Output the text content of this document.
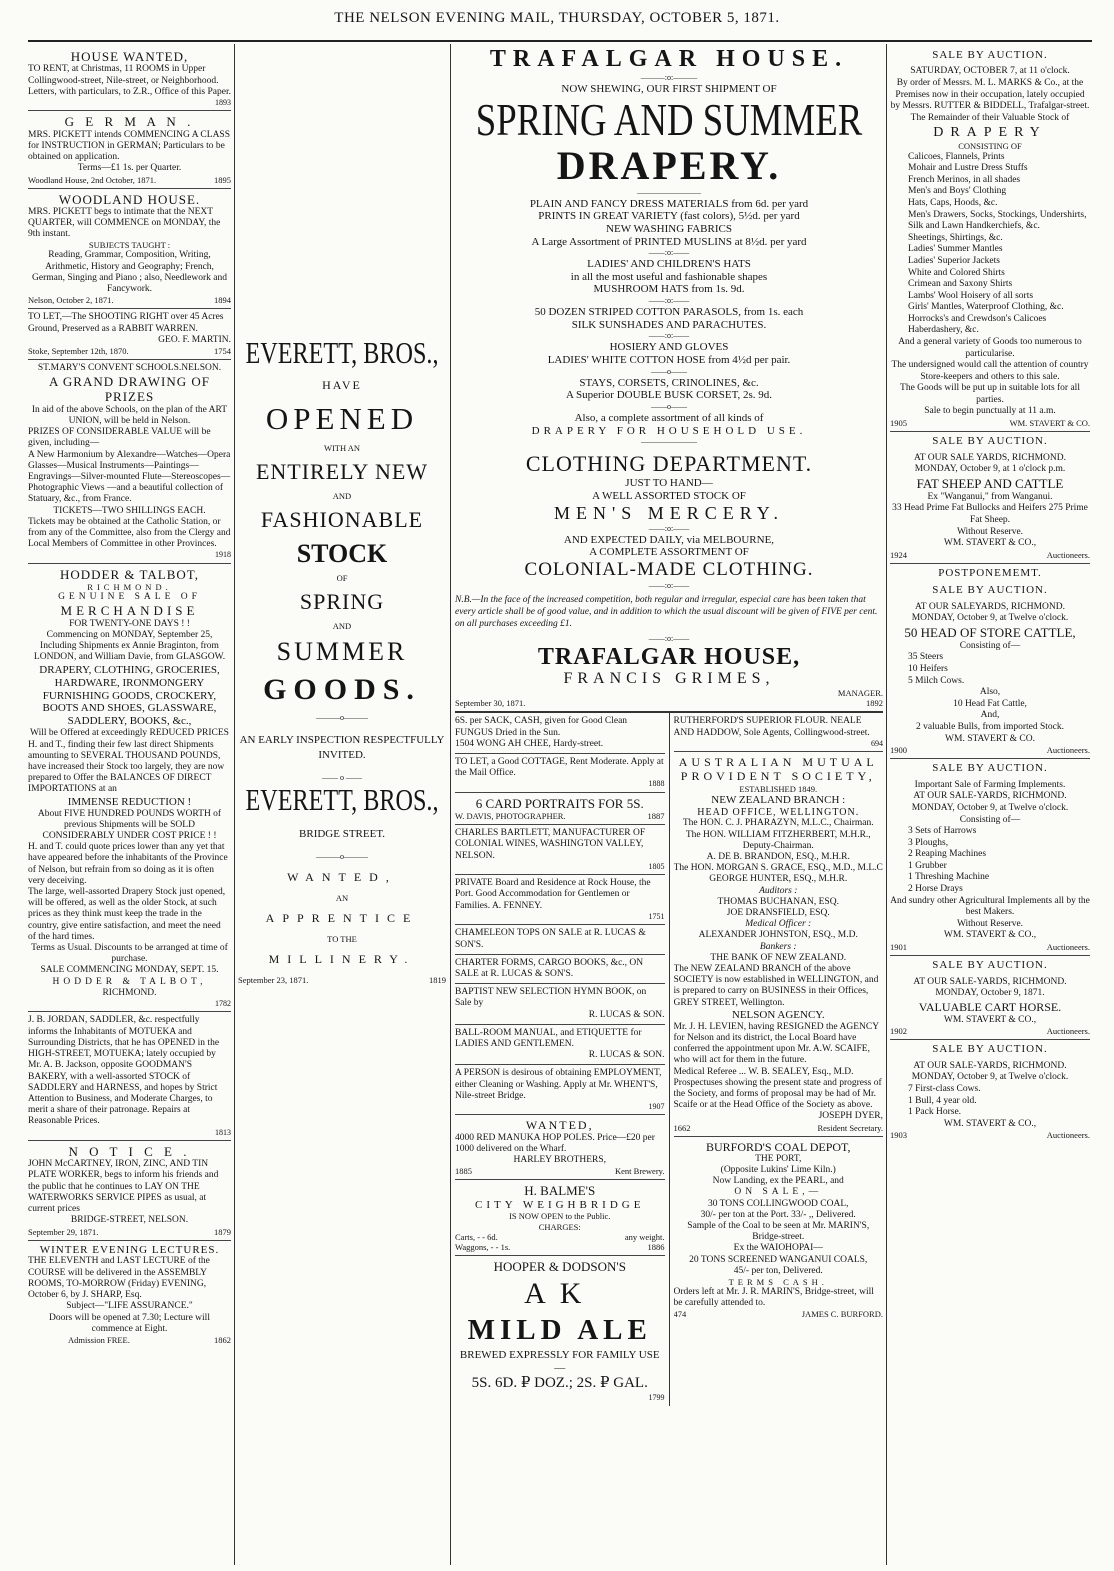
THE NELSON EVENING MAIL, THURSDAY, OCTOBER 5, 1871.
HOUSE WANTED,
TO RENT, at Christmas, 11 ROOMS in Upper Collingwood-street, Nile-street, or Neighborhood. Letters, with particulars, to Z.R., Office of this Paper.
1893
G E R M A N .
MRS. PICKETT intends COMMENCING A CLASS for INSTRUCTION in GERMAN; Particulars to be obtained on application.
Terms—£1 1s. per Quarter.
Woodland House, 2nd October, 1871.	1895
WOODLAND HOUSE.
MRS. PICKETT begs to intimate that the NEXT QUARTER, will COMMENCE on MONDAY, the 9th instant.
SUBJECTS TAUGHT :
Reading, Grammar, Composition, Writing, Arithmetic, History and Geography; French, German, Singing and Piano ; also, Needlework and Fancywork.
Nelson, October 2, 1871.	1894
TO LET,—The SHOOTING RIGHT over 45 Acres Ground, Preserved as a RABBIT WARREN.
GEO. F. MARTIN.
Stoke, September 12th, 1870.	1754
ST.MARY'S CONVENT SCHOOLS.NELSON.
A GRAND DRAWING OF PRIZES
In aid of the above Schools, on the plan of the ART UNION, will be held in Nelson.
PRIZES OF CONSIDERABLE VALUE will be given, including—
A New Harmonium by Alexandre—Watches—Opera Glasses—Musical Instruments—Paintings—Engravings—Silver-mounted Flute—Stereoscopes—Photographic Views —and a beautiful collection of Statuary, &c., from France.
TICKETS—TWO SHILLINGS EACH.
Tickets may be obtained at the Catholic Station, or from any of the Committee, also from the Clergy and Local Members of Committee in other Provinces.
1918
HODDER & TALBOT,
RICHMOND.
GENUINE SALE OF
MERCHANDISE
FOR TWENTY-ONE DAYS ! !
Commencing on MONDAY, September 25, Including Shipments ex Annie Braginton, from LONDON, and William Davie, from GLASGOW.
DRAPERY, CLOTHING, GROCERIES, HARDWARE, IRONMONGERY FURNISHING GOODS, CROCKERY, BOOTS AND SHOES, GLASSWARE, SADDLERY, BOOKS, &c.,
Will be Offered at exceedingly REDUCED PRICES
H. and T., finding their few last direct Shipments amounting to SEVERAL THOUSAND POUNDS, have increased their Stock too largely, they are now prepared to Offer the BALANCES OF DIRECT IMPORTATIONS at an
IMMENSE REDUCTION !
About FIVE HUNDRED POUNDS WORTH of previous Shipments will be SOLD CONSIDERABLY UNDER COST PRICE ! !
H. and T. could quote prices lower than any yet that have appeared before the inhabitants of the Province of Nelson, but refrain from so doing as it is often very deceiving.
The large, well-assorted Drapery Stock just opened, will be offered, as well as the older Stock, at such prices as they think must keep the trade in the country, give entire satisfaction, and meet the need of the hard times.
Terms as Usual. Discounts to be arranged at time of purchase.
SALE COMMENCING MONDAY, SEPT. 15.
HODDER & TALBOT,
RICHMOND.
1782
J. B. JORDAN, SADDLER, &c. respectfully informs the Inhabitants of MOTUEKA and Surrounding Districts, that he has OPENED in the HIGH-STREET, MOTUEKA; lately occupied by Mr. A. B. Jackson, opposite GOODMAN'S BAKERY, with a well-assorted STOCK of SADDLERY and HARNESS, and hopes by Strict Attention to Business, and Moderate Charges, to merit a share of their patronage. Repairs at Reasonable Prices.
1813
N O T I C E .
JOHN McCARTNEY, IRON, ZINC, AND TIN PLATE WORKER, begs to inform his friends and the public that he continues to LAY ON THE WATERWORKS SERVICE PIPES as usual, at current prices
BRIDGE-STREET, NELSON.
September 29, 1871.	1879
WINTER EVENING LECTURES.
THE ELEVENTH and LAST LECTURE of the COURSE will be delivered in the ASSEMBLY ROOMS, TO-MORROW (Friday) EVENING, October 6, by J. SHARP, Esq.
Subject—"LIFE ASSURANCE."
Doors will be opened at 7.30; Lecture will commence at Eight.
Admission FREE.	1862
EVERETT, BROS.,
HAVE
OPENED
WITH AN
ENTIRELY NEW
AND
FASHIONABLE
STOCK
OF
SPRING
AND
SUMMER
GOODS.
———o———
AN EARLY INSPECTION RESPECTFULLY INVITED.
—— o ——
EVERETT, BROS.,
BRIDGE STREET.
———o———
WANTED,
AN
APPRENTICE
TO THE
MILLINERY.
September 23, 1871.	1819
TRAFALGAR HOUSE.
———:o:———
NOW SHEWING, OUR FIRST SHIPMENT OF
SPRING AND SUMMER
DRAPERY.
————————
PLAIN AND FANCY DRESS MATERIALS from 6d. per yard
PRINTS IN GREAT VARIETY (fast colors), 5½d. per yard
NEW WASHING FABRICS
A Large Assortment of PRINTED MUSLINS at 8½d. per yard
——:o:——
LADIES' AND CHILDREN'S HATS
in all the most useful and fashionable shapes
MUSHROOM HATS from 1s. 9d.
——:o:——
50 DOZEN STRIPED COTTON PARASOLS, from 1s. each
SILK SUNSHADES AND PARACHUTES.
——:o:——
HOSIERY AND GLOVES
LADIES' WHITE COTTON HOSE from 4½d per pair.
——o——
STAYS, CORSETS, CRINOLINES, &c.
A Superior DOUBLE BUSK CORSET, 2s. 9d.
——o——
Also, a complete assortment of all kinds of
DRAPERY FOR HOUSEHOLD USE.
———————
CLOTHING DEPARTMENT.
JUST TO HAND—
A WELL ASSORTED STOCK OF
MEN'S MERCERY.
——:o:——
AND EXPECTED DAILY, via MELBOURNE,
A COMPLETE ASSORTMENT OF
COLONIAL-MADE CLOTHING.
——:o:——
N.B.—In the face of the increased competition, both regular and irregular, especial care has been taken that every article shall be of good value, and in addition to which the usual discount will be given of FIVE per cent. on all purchases exceeding £1.
——:o:——
TRAFALGAR HOUSE,
FRANCIS GRIMES,
MANAGER.
September 30, 1871.	1892
6S. per SACK, CASH, given for Good Clean FUNGUS Dried in the Sun.
1504 WONG AH CHEE, Hardy-street.
TO LET, a Good COTTAGE, Rent Moderate. Apply at the Mail Office.
1888
6 CARD PORTRAITS FOR 5S.
W. DAVIS, PHOTOGRAPHER.	1887
CHARLES BARTLETT, MANUFACTURER OF COLONIAL WINES, WASHINGTON VALLEY, NELSON.
1805
PRIVATE Board and Residence at Rock House, the Port. Good Accommodation for Gentlemen or Families. A. FENNEY.
1751
CHAMELEON TOPS ON SALE at R. LUCAS & SON'S.
CHARTER FORMS, CARGO BOOKS, &c., ON SALE at R. LUCAS & SON'S.
BAPTIST NEW SELECTION HYMN BOOK, on Sale by
R. LUCAS & SON.
BALL-ROOM MANUAL, and ETIQUETTE for LADIES AND GENTLEMEN.
R. LUCAS & SON.
A PERSON is desirous of obtaining EMPLOYMENT, either Cleaning or Washing. Apply at Mr. WHENT'S, Nile-street Bridge.
1907
WANTED,
4000 RED MANUKA HOP POLES. Price—£20 per 1000 delivered on the Wharf.
HARLEY BROTHERS,
1885	Kent Brewery.
H. BALME'S
CITY WEIGHBRIDGE
IS NOW OPEN to the Public.
CHARGES:
Carts, - - 6d.	any weight.
Waggons, - - 1s.	1886
HOOPER & DODSON'S
AK
MILD ALE
BREWED EXPRESSLY FOR FAMILY USE—
5S. 6D. ₽ DOZ.; 2S. ₽ GAL.
1799
RUTHERFORD'S SUPERIOR FLOUR. NEALE AND HADDOW, Sole Agents, Collingwood-street.
694
AUSTRALIAN MUTUAL PROVIDENT SOCIETY,
ESTABLISHED 1849.
NEW ZEALAND BRANCH :
HEAD OFFICE, WELLINGTON.
The HON. C. J. PHARAZYN, M.L.C., Chairman.
The HON. WILLIAM FITZHERBERT, M.H.R., Deputy-Chairman.
A. DE B. BRANDON, ESQ., M.H.R.
The HON. MORGAN S. GRACE, ESQ., M.D., M.L.C
GEORGE HUNTER, ESQ., M.H.R.
Auditors :
THOMAS BUCHANAN, ESQ.
JOE DRANSFIELD, ESQ.
Medical Officer :
ALEXANDER JOHNSTON, ESQ., M.D.
Bankers :
THE BANK OF NEW ZEALAND.
The NEW ZEALAND BRANCH of the above SOCIETY is now established in WELLINGTON, and is prepared to carry on BUSINESS in their Offices, GREY STREET, Wellington.
NELSON AGENCY.
Mr. J. H. LEVIEN, having RESIGNED the AGENCY for Nelson and its district, the Local Board have conferred the appointment upon Mr. A.W. SCAIFE, who will act for them in the future.
Medical Referee ... W. B. SEALEY, Esq., M.D.
Prospectuses showing the present state and progress of the Society, and forms of proposal may be had of Mr. Scaife or at the Head Office of the Society as above.
JOSEPH DYER,
1662	Resident Secretary.
BURFORD'S COAL DEPOT,
THE PORT,
(Opposite Lukins' Lime Kiln.)
Now Landing, ex the PEARL, and
ON SALE,—
30 TONS COLLINGWOOD COAL,
30/- per ton at the Port. 33/- ,, Delivered.
Sample of the Coal to be seen at Mr. MARIN'S, Bridge-street.
Ex the WAIOHOPAI—
20 TONS SCREENED WANGANUI COALS,
45/- per ton, Delivered.
TERMS CASH.
Orders left at Mr. J. R. MARIN'S, Bridge-street, will be carefully attended to.
474	JAMES C. BURFORD.
SALE BY AUCTION.
SATURDAY, OCTOBER 7, at 11 o'clock.
By order of Messrs. M. L. MARKS & Co., at the Premises now in their occupation, lately occupied by Messrs. RUTTER & BIDDELL, Trafalgar-street.
The Remainder of their Valuable Stock of
DRAPERY
CONSISTING OF
Calicoes, Flannels, Prints
Mohair and Lustre Dress Stuffs
French Merinos, in all shades
Men's and Boys' Clothing
Hats, Caps, Hoods, &c.
Men's Drawers, Socks, Stockings, Undershirts,
Silk and Lawn Handkerchiefs, &c.
Sheetings, Shirtings, &c.
Ladies' Summer Mantles
Ladies' Superior Jackets
White and Colored Shirts
Crimean and Saxony Shirts
Lambs' Wool Hoisery of all sorts
Girls' Mantles, Waterproof Clothing, &c.
Horrocks's and Crewdson's Calicoes
Haberdashery, &c.
And a general variety of Goods too numerous to particularise.
The undersigned would call the attention of country Store-keepers and others to this sale.
The Goods will be put up in suitable lots for all parties.
Sale to begin punctually at 11 a.m.
1905	WM. STAVERT & CO.
SALE BY AUCTION.
AT OUR SALE YARDS, RICHMOND.
MONDAY, October 9, at 1 o'clock p.m.
FAT SHEEP AND CATTLE
Ex "Wanganui," from Wanganui.
33 Head Prime Fat Bullocks and Heifers 275 Prime Fat Sheep.
Without Reserve.
WM. STAVERT & CO.,
1924	Auctioneers.
POSTPONEMEMT.
SALE BY AUCTION.
AT OUR SALEYARDS, RICHMOND.
MONDAY, October 9, at Twelve o'clock.
50 HEAD OF STORE CATTLE,
Consisting of—
35 Steers
10 Heifers
5 Milch Cows.
Also,
10 Head Fat Cattle,
And,
2 valuable Bulls, from imported Stock.
WM. STAVERT & CO.
1900	Auctioneers.
SALE BY AUCTION.
Important Sale of Farming Implements.
AT OUR SALE-YARDS, RICHMOND.
MONDAY, October 9, at Twelve o'clock.
Consisting of—
3 Sets of Harrows
3 Ploughs,
2 Reaping Machines
1 Grubber
1 Threshing Machine
2 Horse Drays
And sundry other Agricultural Implements all by the best Makers.
Without Reserve.
WM. STAVERT & CO.,
1901	Auctioneers.
SALE BY AUCTION.
AT OUR SALE-YARDS, RICHMOND.
MONDAY, October 9, 1871.
VALUABLE CART HORSE.
WM. STAVERT & CO.,
1902	Auctioneers.
SALE BY AUCTION.
AT OUR SALE-YARDS, RICHMOND.
MONDAY, October 9, at Twelve o'clock.
7 First-class Cows.
1 Bull, 4 year old.
1 Pack Horse.
WM. STAVERT & CO.,
1903	Auctioneers.
